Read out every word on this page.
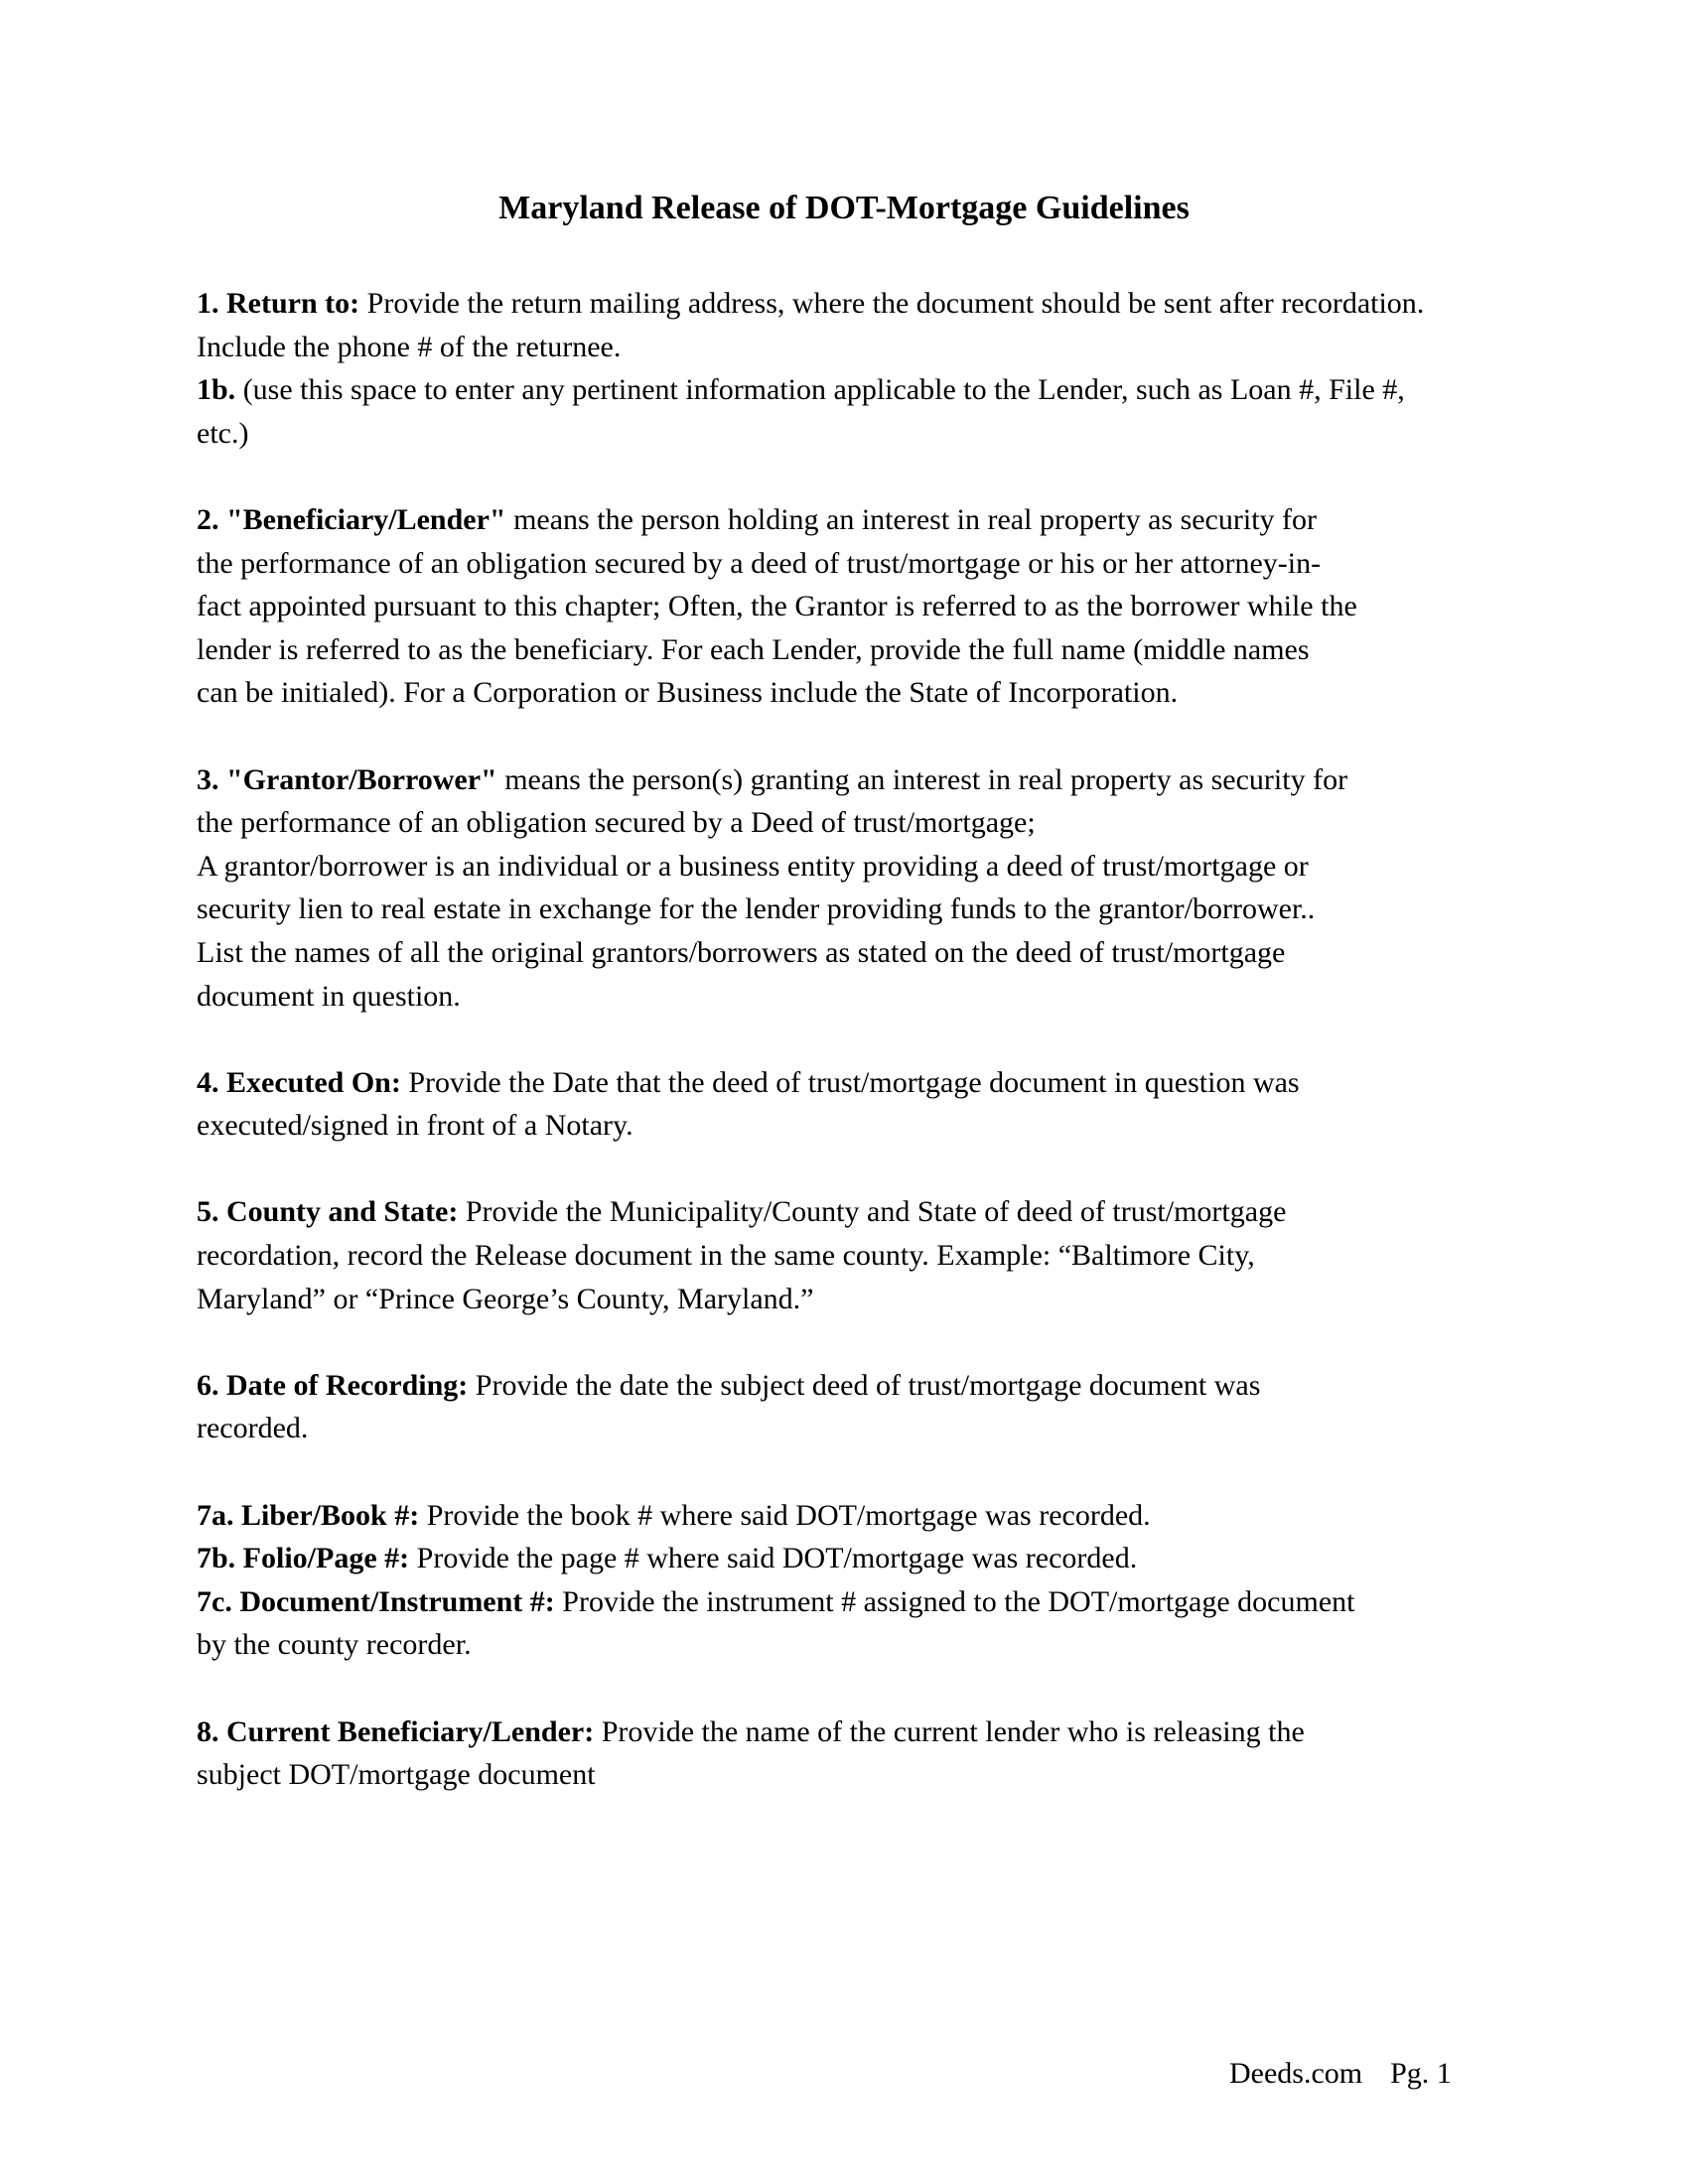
Maryland Release of DOT-Mortgage Guidelines
1. Return to: Provide the return mailing address, where the document should be sent after recordation.
Include the phone # of the returnee.
1b. (use this space to enter any pertinent information applicable to the Lender, such as Loan #, File #,
etc.)
2. "Beneficiary/Lender" means the person holding an interest in real property as security for
the performance of an obligation secured by a deed of trust/mortgage or his or her attorney-in-
fact appointed pursuant to this chapter; Often, the Grantor is referred to as the borrower while the
lender is referred to as the beneficiary. For each Lender, provide the full name (middle names
can be initialed). For a Corporation or Business include the State of Incorporation.
3. "Grantor/Borrower" means the person(s) granting an interest in real property as security for
the performance of an obligation secured by a Deed of trust/mortgage;
A grantor/borrower is an individual or a business entity providing a deed of trust/mortgage or
security lien to real estate in exchange for the lender providing funds to the grantor/borrower..
List the names of all the original grantors/borrowers as stated on the deed of trust/mortgage
document in question.
4. Executed On: Provide the Date that the deed of trust/mortgage document in question was
executed/signed in front of a Notary.
5. County and State: Provide the Municipality/County and State of deed of trust/mortgage
recordation, record the Release document in the same county. Example: “Baltimore City,
Maryland” or “Prince George’s County, Maryland.”
6. Date of Recording: Provide the date the subject deed of trust/mortgage document was
recorded.
7a. Liber/Book #: Provide the book # where said DOT/mortgage was recorded.
7b. Folio/Page #: Provide the page # where said DOT/mortgage was recorded.
7c. Document/Instrument #: Provide the instrument # assigned to the DOT/mortgage document
by the county recorder.
8. Current Beneficiary/Lender: Provide the name of the current lender who is releasing the
subject DOT/mortgage document
Deeds.com Pg. 1
